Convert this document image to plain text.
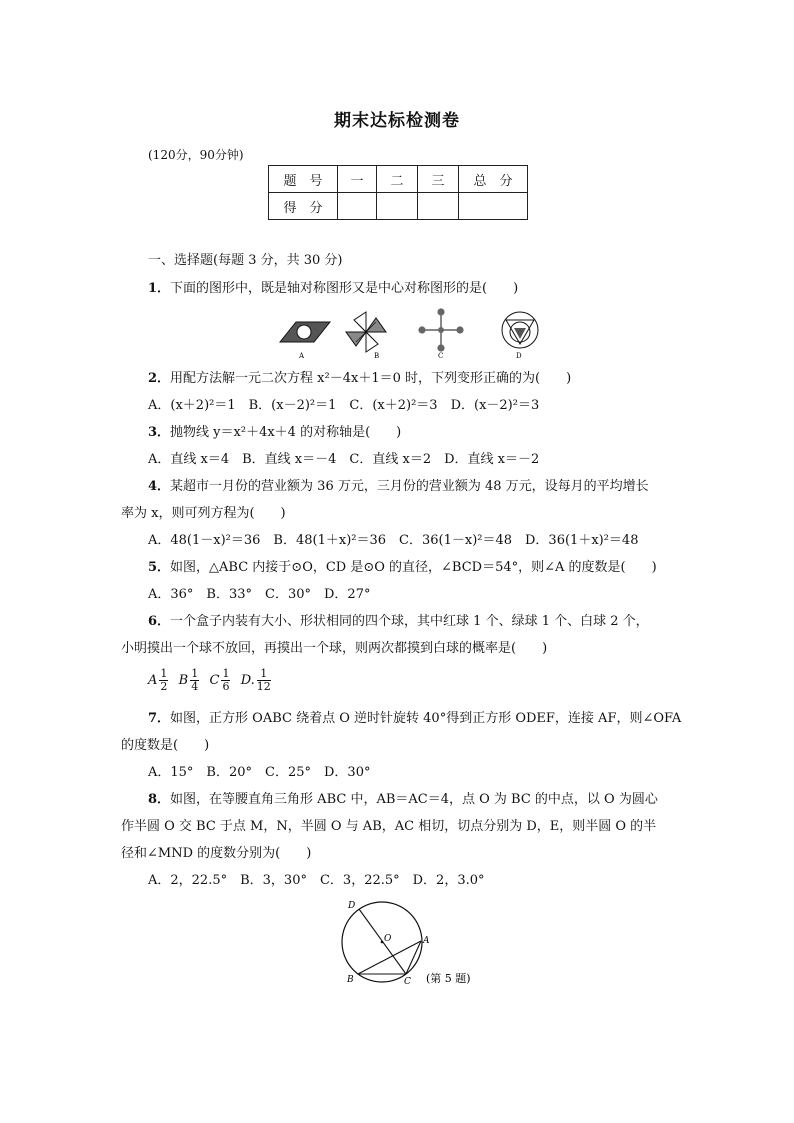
期末达标检测卷
(120分，90分钟)
题　号	一	二	三	总　分
得　分				
一、选择题(每题 3 分，共 30 分)
1．下面的图形中，既是轴对称图形又是中心对称图形的是(　　)
A	B	C	D
2．用配方法解一元二次方程 x²－4x＋1＝0 时，下列变形正确的为(　　)
A．(x＋2)²＝1　B．(x－2)²＝1　C．(x＋2)²＝3　D．(x－2)²＝3
3．抛物线 y＝x²＋4x＋4 的对称轴是(　　)
A．直线 x＝4　B．直线 x＝－4　C．直线 x＝2　D．直线 x＝－2
4．某超市一月份的营业额为 36 万元，三月份的营业额为 48 万元，设每月的平均增长
率为 x，则可列方程为(　　)
A．48(1－x)²＝36　B．48(1＋x)²＝36　C．36(1－x)²＝48　D．36(1＋x)²＝48
5．如图，△ABC 内接于⊙O，CD 是⊙O 的直径，∠BCD＝54°，则∠A 的度数是(　　)
A．36°　B．33°　C．30°　D．27°
6．一个盒子内装有大小、形状相同的四个球，其中红球 1 个、绿球 1 个、白球 2 个，
小明摸出一个球不放回，再摸出一个球，则两次都摸到白球的概率是(　　)
A $\frac{1}{2}$ B $\frac{1}{4}$ C $\frac{1}{6} D$. $\frac{1}{12}$
7．如图，正方形 OABC 绕着点 O 逆时针旋转 40°得到正方形 ODEF，连接 AF，则∠OFA
的度数是(　　)
A．15°　B．20°　C．25°　D．30°
8．如图，在等腰直角三角形 ABC 中，AB＝AC＝4，点 O 为 BC 的中点，以 O 为圆心
作半圆 O 交 BC 于点 M，N，半圆 O 与 AB，AC 相切，切点分别为 D，E，则半圆 O 的半
径和∠MND 的度数分别为(　　)
A．2，22.5°　B．3，30°　C．3，22.5°　D．2，3.0°
D
O	A
B	C (第 5 题)
